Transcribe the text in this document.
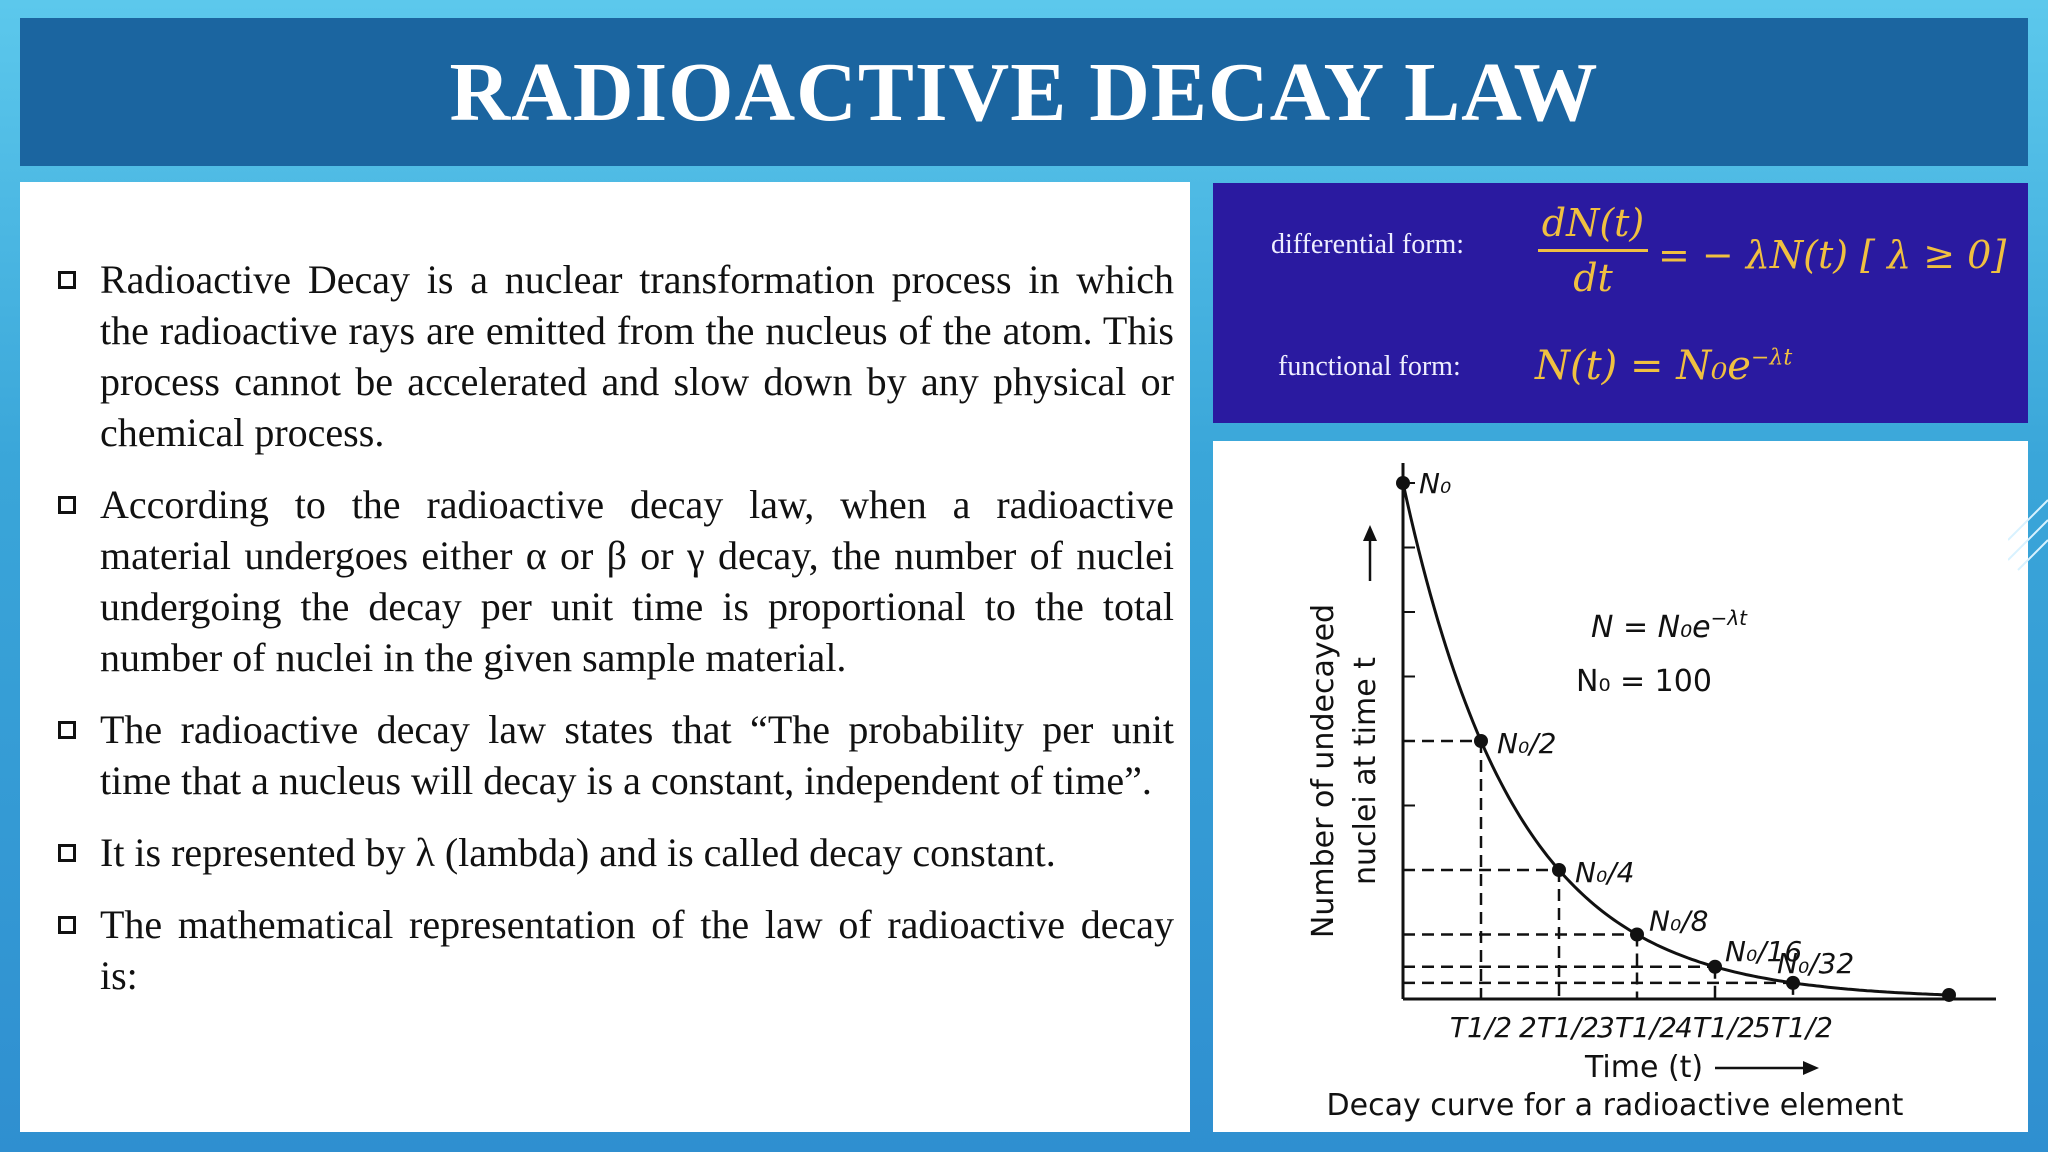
RADIOACTIVE DECAY LAW

Radioactive Decay is a nuclear transformation process in which the radioactive rays are emitted from the nucleus of the atom. This process cannot be accelerated and slow down by any physical or chemical process.

According to the radioactive decay law, when a radioactive material undergoes either α or β or γ decay, the number of nuclei undergoing the decay per unit time is proportional to the total number of nuclei in the given sample material.

The radioactive decay law states that “The probability per unit time that a nucleus will decay is a constant, independent of time”.

It is represented by λ (lambda) and is called decay constant.

The mathematical representation of the law of radioactive decay is:

differential form: dN(t)
dt
= − λN(t) [ λ ≥ 0]
functional form: $N(t) = N_0e^{-\lambda t}$
N₀
N₀/2
N₀/4
N₀/8
N₀/16
N₀/32
T1/2 2T1/2
3T1/2
4T1/2
5T1/2
Number of undecayed nuclei at time t
$N = N_0e^{-\lambda t}$
N₀ = 100
Time (t)
Decay curve for a radioactive element
